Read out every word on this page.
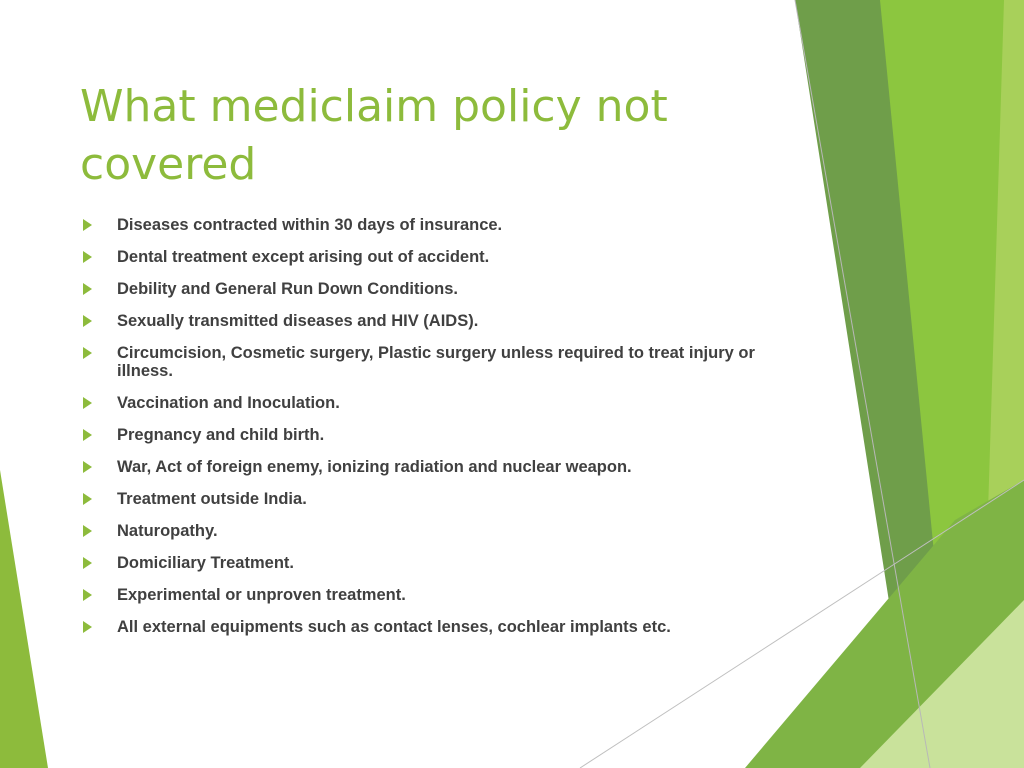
What mediclaim policy not covered
Diseases contracted within 30 days of insurance.
Dental treatment except arising out of accident.
Debility and General Run Down Conditions.
Sexually transmitted diseases and HIV (AIDS).
Circumcision, Cosmetic surgery, Plastic surgery unless required to treat injury or illness.
Vaccination and Inoculation.
Pregnancy and child birth.
War, Act of foreign enemy, ionizing radiation and nuclear weapon.
Treatment outside India.
Naturopathy.
Domiciliary Treatment.
Experimental or unproven treatment.
All external equipments such as contact lenses, cochlear implants etc.
